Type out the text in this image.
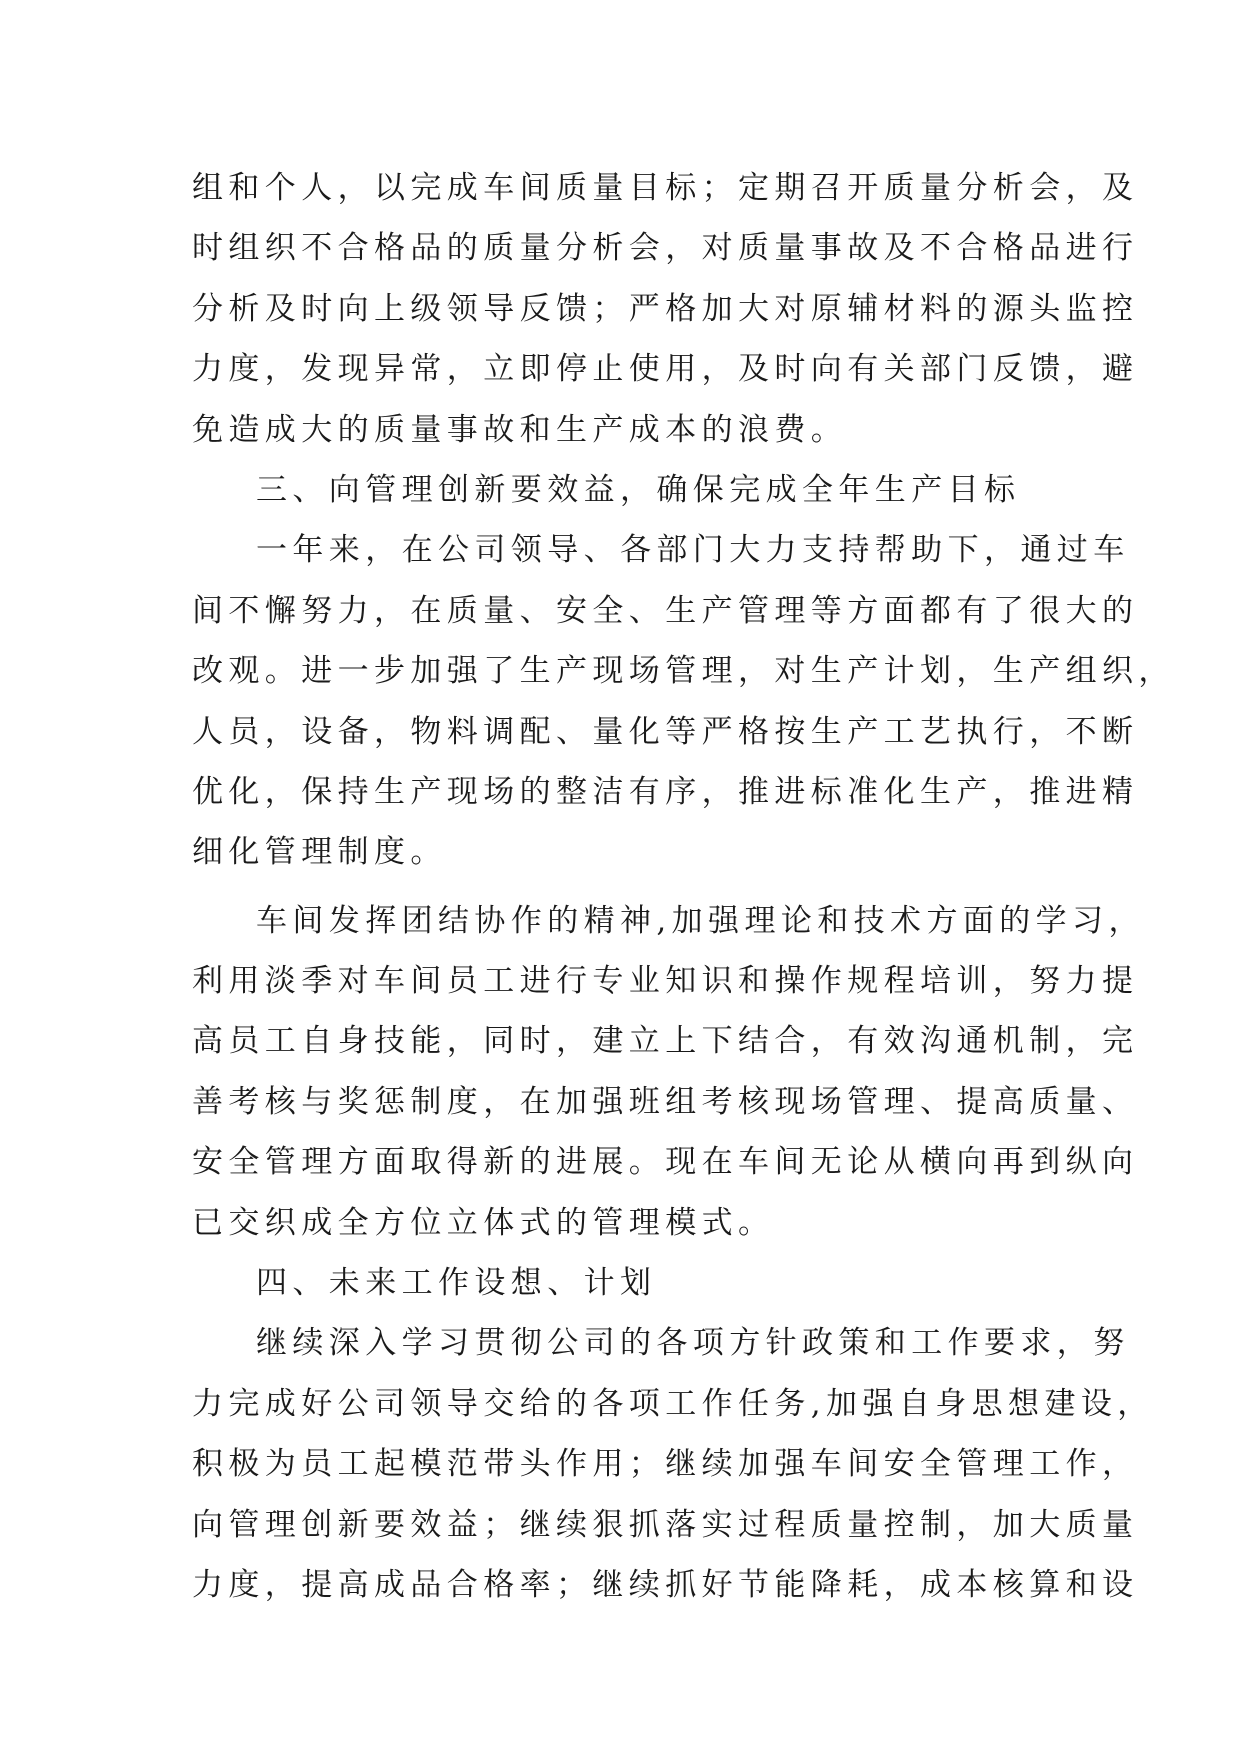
组和个人，以完成车间质量目标；定期召开质量分析会，及
时组织不合格品的质量分析会，对质量事故及不合格品进行
分析及时向上级领导反馈；严格加大对原辅材料的源头监控
力度，发现异常，立即停止使用，及时向有关部门反馈，避
免造成大的质量事故和生产成本的浪费。
三、向管理创新要效益，确保完成全年生产目标
一年来，在公司领导、各部门大力支持帮助下，通过车
间不懈努力，在质量、安全、生产管理等方面都有了很大的
改观。进一步加强了生产现场管理，对生产计划，生产组织，
人员，设备，物料调配、量化等严格按生产工艺执行，不断
优化，保持生产现场的整洁有序，推进标准化生产，推进精
细化管理制度。
车间发挥团结协作的精神,加强理论和技术方面的学习，
利用淡季对车间员工进行专业知识和操作规程培训，努力提
高员工自身技能，同时，建立上下结合，有效沟通机制，完
善考核与奖惩制度，在加强班组考核现场管理、提高质量、
安全管理方面取得新的进展。现在车间无论从横向再到纵向
已交织成全方位立体式的管理模式。
四、未来工作设想、计划
继续深入学习贯彻公司的各项方针政策和工作要求，努
力完成好公司领导交给的各项工作任务,加强自身思想建设，
积极为员工起模范带头作用；继续加强车间安全管理工作，
向管理创新要效益；继续狠抓落实过程质量控制，加大质量
力度，提高成品合格率；继续抓好节能降耗，成本核算和设
